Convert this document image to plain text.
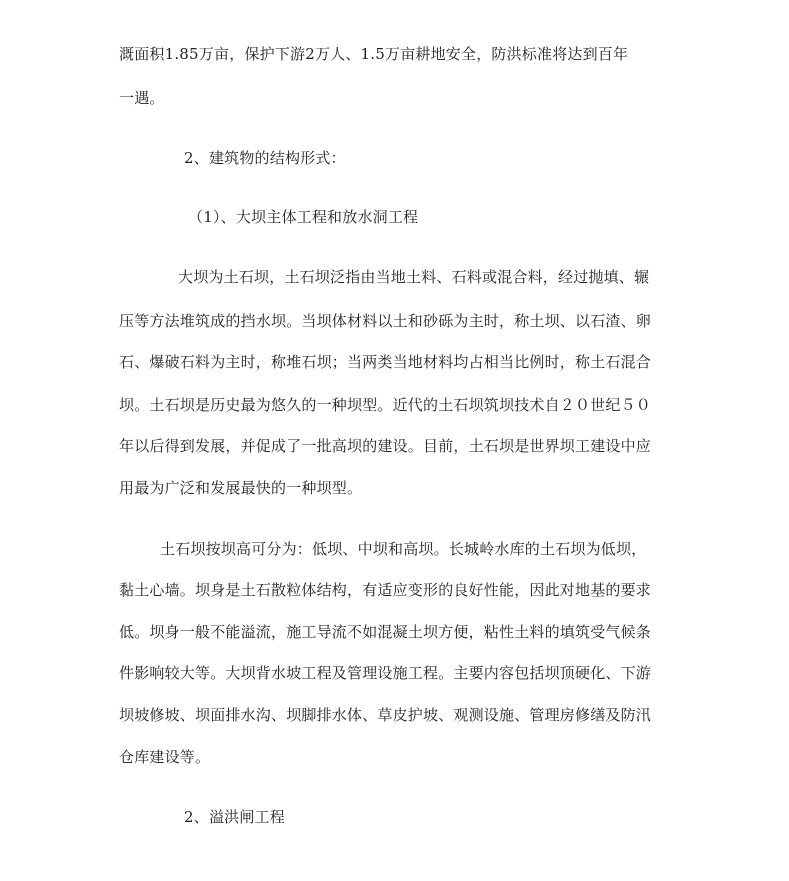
溉面积1.85万亩，保护下游2万人、1.5万亩耕地安全，防洪标准将达到百年
一遇。
2、建筑物的结构形式：
（1）、大坝主体工程和放水洞工程
大坝为土石坝，土石坝泛指由当地土料、石料或混合料，经过抛填、辗
压等方法堆筑成的挡水坝。当坝体材料以土和砂砾为主时，称土坝、以石渣、卵
石、爆破石料为主时，称堆石坝；当两类当地材料均占相当比例时，称土石混合
坝。土石坝是历史最为悠久的一种坝型。近代的土石坝筑坝技术自２０世纪５０
年以后得到发展，并促成了一批高坝的建设。目前，土石坝是世界坝工建设中应
用最为广泛和发展最快的一种坝型。
土石坝按坝高可分为：低坝、中坝和高坝。长城岭水库的土石坝为低坝，
黏土心墙。坝身是土石散粒体结构，有适应变形的良好性能，因此对地基的要求
低。坝身一般不能溢流，施工导流不如混凝土坝方便，粘性土料的填筑受气候条
件影响较大等。大坝背水坡工程及管理设施工程。主要内容包括坝顶硬化、下游
坝坡修坡、坝面排水沟、坝脚排水体、草皮护坡、观测设施、管理房修缮及防汛
仓库建设等。
2、溢洪闸工程
